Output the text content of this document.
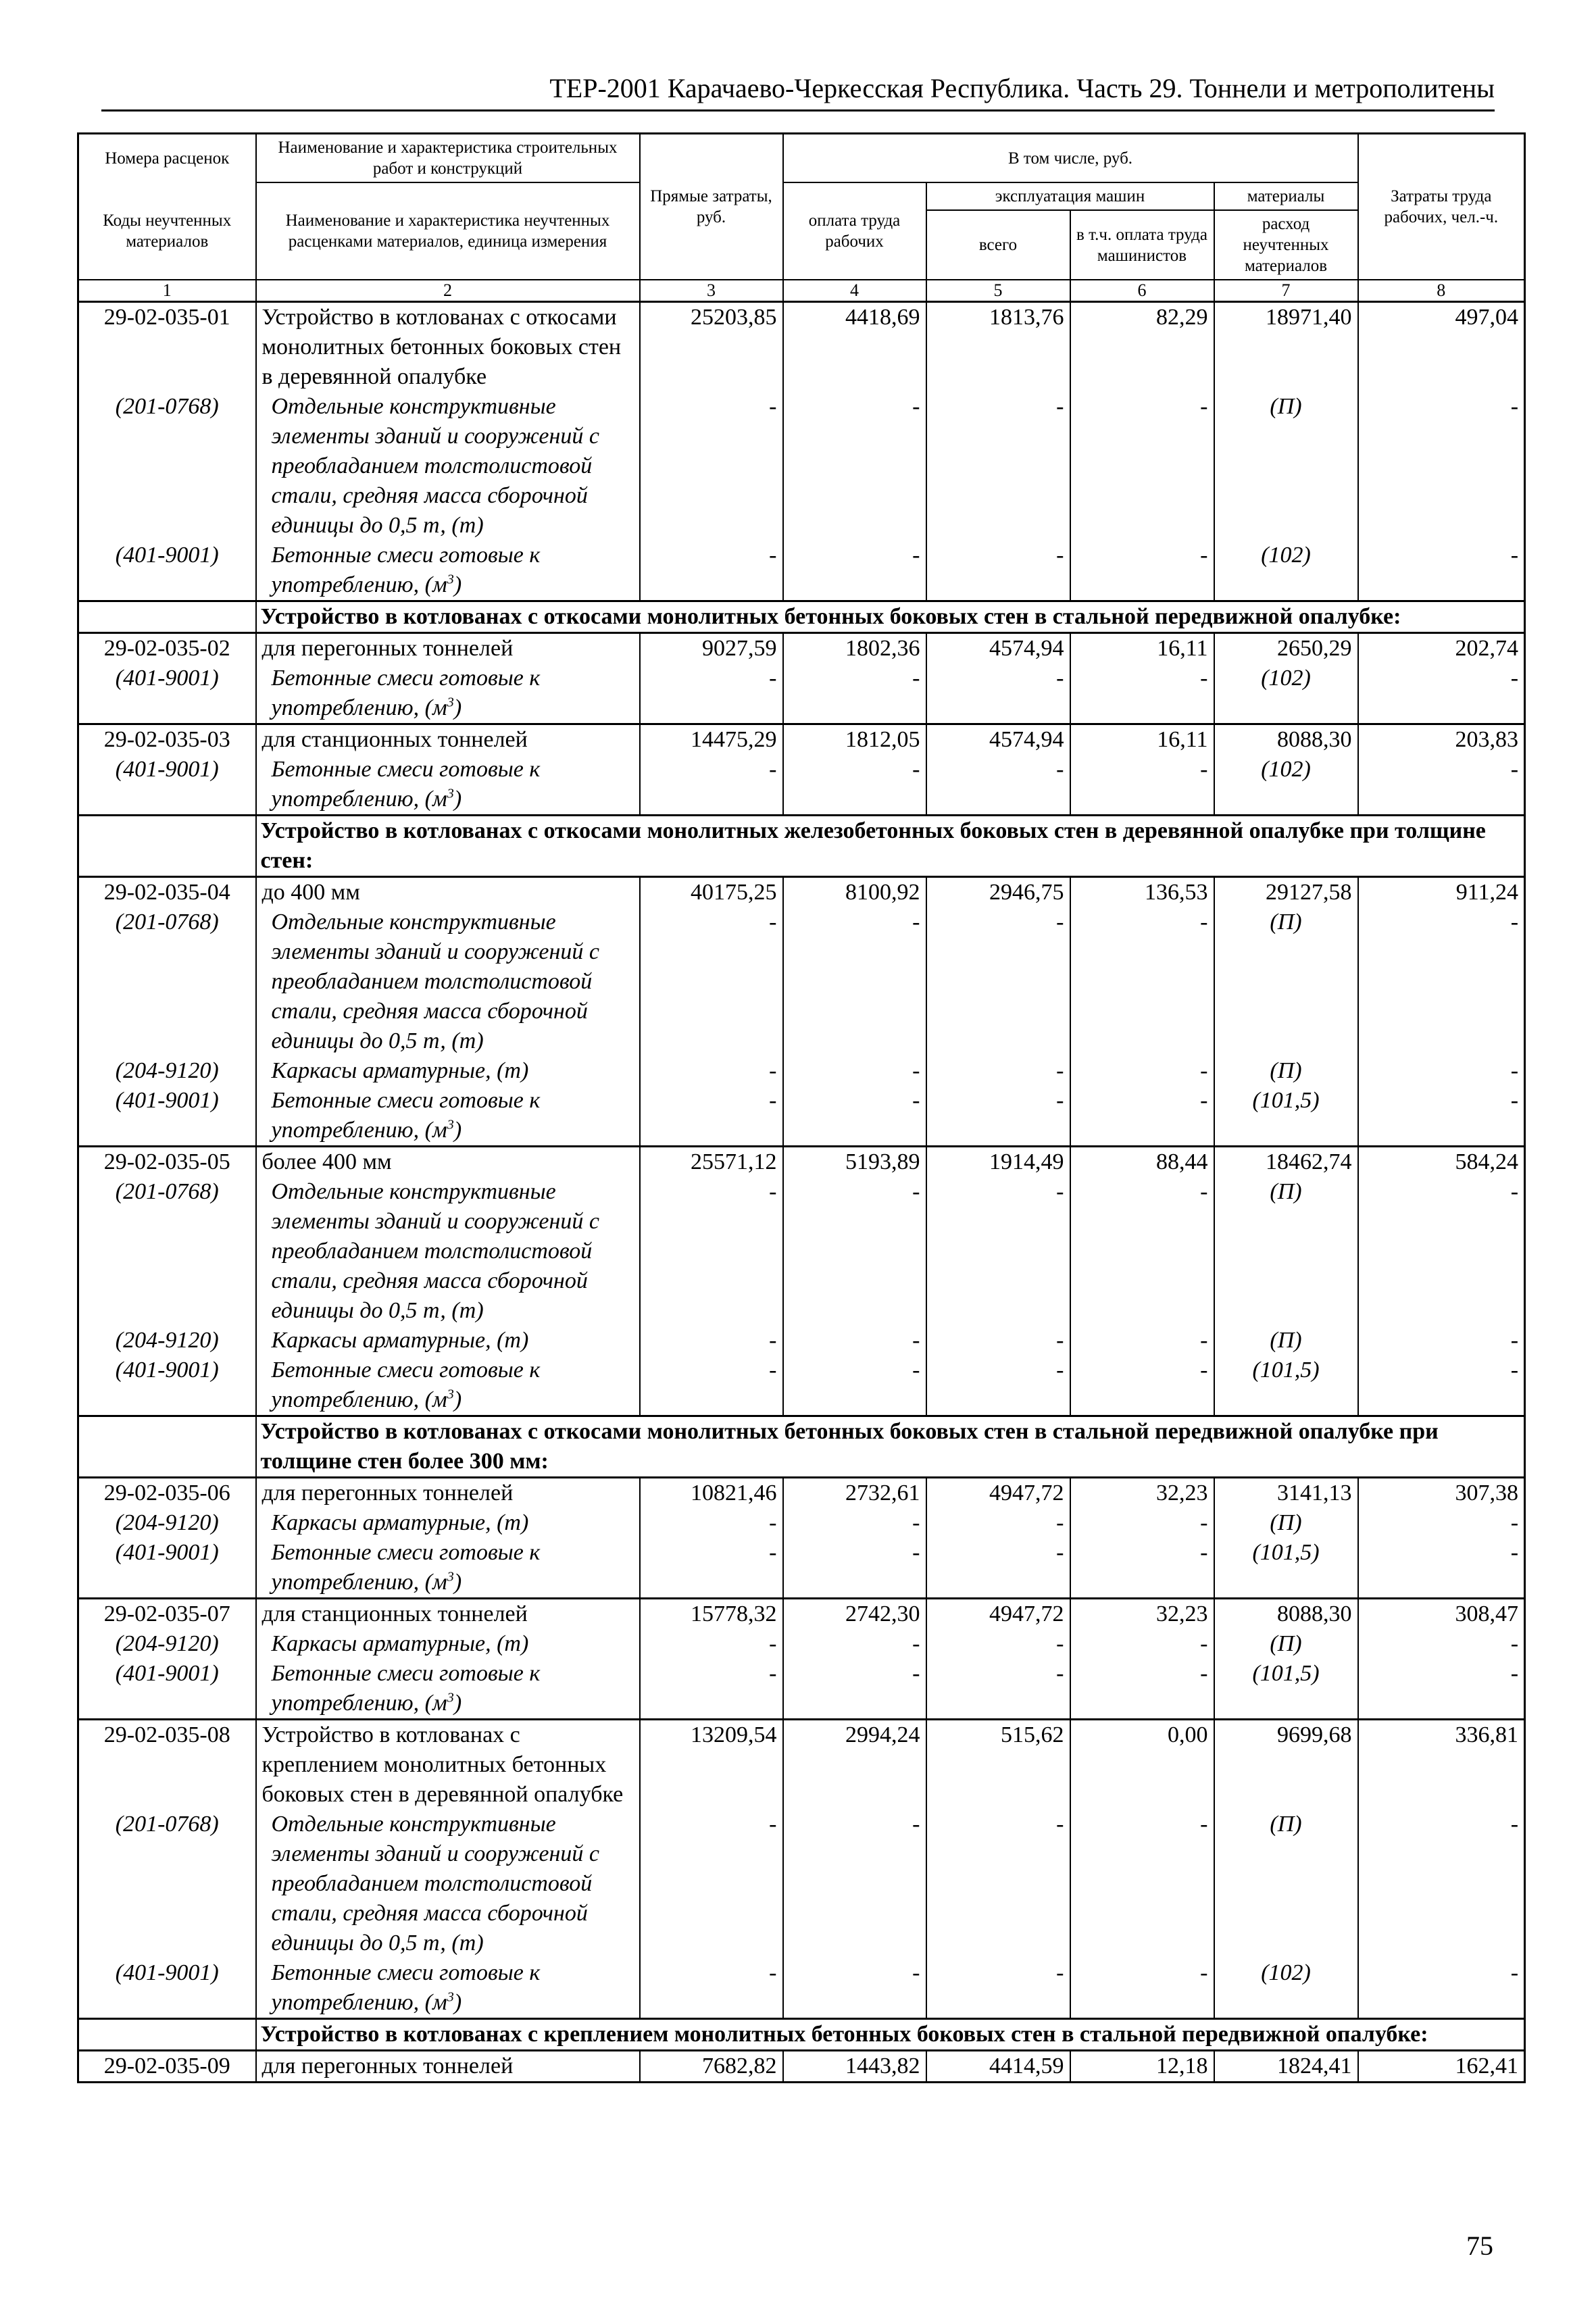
ТЕР-2001 Карачаево-Черкесская Республика. Часть 29. Тоннели и метрополитены
Номера расценок	Наименование и характеристика строительных работ и конструкций	Прямые затраты, руб.	В том числе, руб.				Затраты труда рабочих, чел.-ч.
Коды неучтенных материалов	Наименование и характеристика неучтенных расценками материалов, единица измерения		оплата труда рабочих	эксплуатация машин		материалы	
				всего	в т.ч. оплата труда машинистов	расход неучтенных материалов	

1	2	3	4	5	6	7	8
29-02-035-01	Устройство в котлованах с откосами монолитных бетонных боковых стен в деревянной опалубке	25203,85	4418,69	1813,76	82,29	18971,40	497,04
(201-0768)	Отдельные конструктивные элементы зданий и сооружений с преобладанием толстолистовой стали, средняя масса сборочной единицы до 0,5 т, (т)	-	-	-	-	(П)	-
(401-9001)	Бетонные смеси готовые к употреблению, $(м^3)$	-	-	-	-	(102)	-
	Устройство в котлованах с откосами монолитных бетонных боковых стен в стальной передвижной опалубке:						
29-02-035-02	для перегонных тоннелей	9027,59	1802,36	4574,94	16,11	2650,29	202,74
(401-9001)	Бетонные смеси готовые к употреблению, $(м^3)$	-	-	-	-	(102)	-
29-02-035-03	для станционных тоннелей	14475,29	1812,05	4574,94	16,11	8088,30	203,83
(401-9001)	Бетонные смеси готовые к употреблению, $(м^3)$	-	-	-	-	(102)	-
	Устройство в котлованах с откосами монолитных железобетонных боковых стен в деревянной опалубке при толщине стен:						
29-02-035-04	до 400 мм	40175,25	8100,92	2946,75	136,53	29127,58	911,24
(201-0768)	Отдельные конструктивные элементы зданий и сооружений с преобладанием толстолистовой стали, средняя масса сборочной единицы до 0,5 т, (т)	-	-	-	-	(П)	-
(204-9120)	Каркасы арматурные, (т)	-	-	-	-	(П)	-
(401-9001)	Бетонные смеси готовые к употреблению, $(м^3)$	-	-	-	-	(101,5)	-
29-02-035-05	более 400 мм	25571,12	5193,89	1914,49	88,44	18462,74	584,24
(201-0768)	Отдельные конструктивные элементы зданий и сооружений с преобладанием толстолистовой стали, средняя масса сборочной единицы до 0,5 т, (т)	-	-	-	-	(П)	-
(204-9120)	Каркасы арматурные, (т)	-	-	-	-	(П)	-
(401-9001)	Бетонные смеси готовые к употреблению, $(м^3)$	-	-	-	-	(101,5)	-
	Устройство в котлованах с откосами монолитных бетонных боковых стен в стальной передвижной опалубке при толщине стен более 300 мм:						
29-02-035-06	для перегонных тоннелей	10821,46	2732,61	4947,72	32,23	3141,13	307,38
(204-9120)	Каркасы арматурные, (т)	-	-	-	-	(П)	-
(401-9001)	Бетонные смеси готовые к употреблению, $(м^3)$	-	-	-	-	(101,5)	-
29-02-035-07	для станционных тоннелей	15778,32	2742,30	4947,72	32,23	8088,30	308,47
(204-9120)	Каркасы арматурные, (т)	-	-	-	-	(П)	-
(401-9001)	Бетонные смеси готовые к употреблению, $(м^3)$	-	-	-	-	(101,5)	-
29-02-035-08	Устройство в котлованах с креплением монолитных бетонных боковых стен в деревянной опалубке	13209,54	2994,24	515,62	0,00	9699,68	336,81
(201-0768)	Отдельные конструктивные элементы зданий и сооружений с преобладанием толстолистовой стали, средняя масса сборочной единицы до 0,5 т, (т)	-	-	-	-	(П)	-
(401-9001)	Бетонные смеси готовые к употреблению, $(м^3)$	-	-	-	-	(102)	-
	Устройство в котлованах с креплением монолитных бетонных боковых стен в стальной передвижной опалубке:						
29-02-035-09	для перегонных тоннелей	7682,82	1443,82	4414,59	12,18	1824,41	162,41
75
